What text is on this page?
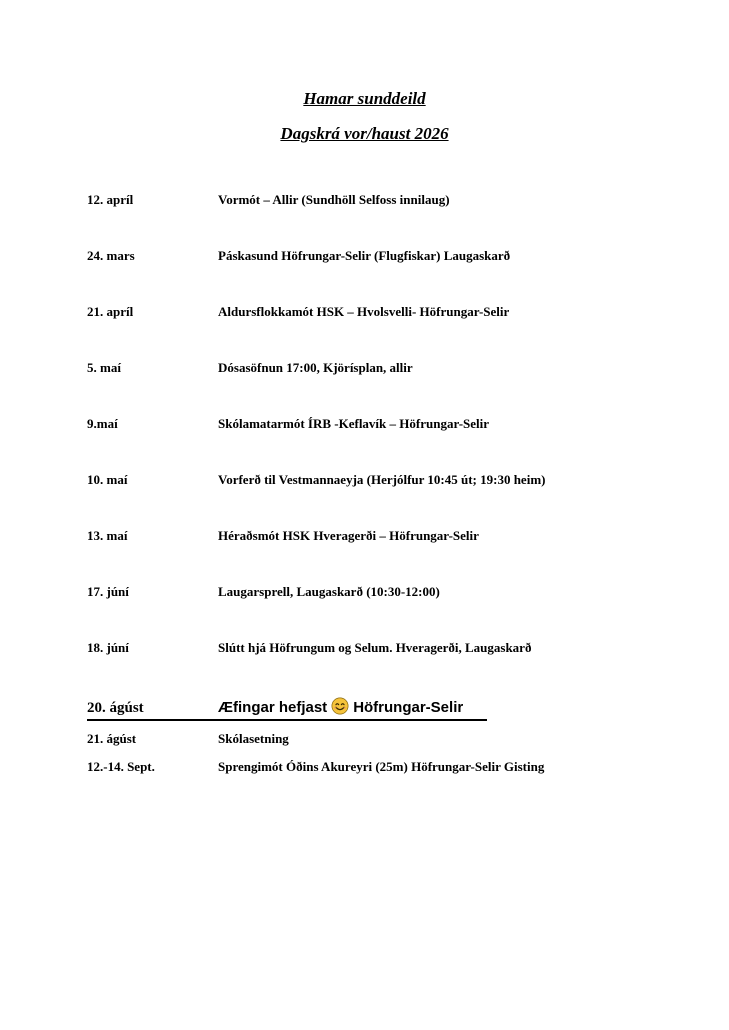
Hamar sunddeild
Dagskrá vor/haust 2026
12. apríl	Vormót – Allir (Sundhöll Selfoss innilaug)
24. mars	Páskasund Höfrungar-Selir (Flugfiskar) Laugaskarð
21. apríl	Aldursflokkamót HSK – Hvolsvelli- Höfrungar-Selir
5. maí	Dósasöfnun 17:00, Kjörísplan, allir
9.maí	Skólamatarmót ÍRB -Keflavík – Höfrungar-Selir
10. maí	Vorferð til Vestmannaeyja (Herjólfur 10:45 út; 19:30 heim)
13. maí	Héraðsmót HSK Hveragerði – Höfrungar-Selir
17. júní	Laugarsprell, Laugaskarð (10:30-12:00)
18. júní	Slútt hjá Höfrungum og Selum. Hveragerði, Laugaskarð
20. ágúst	Æfingar hefjast Höfrungar-Selir
21. ágúst	Skólasetning
12.-14. Sept.	Sprengimót Óðins Akureyri (25m) Höfrungar-Selir Gisting
